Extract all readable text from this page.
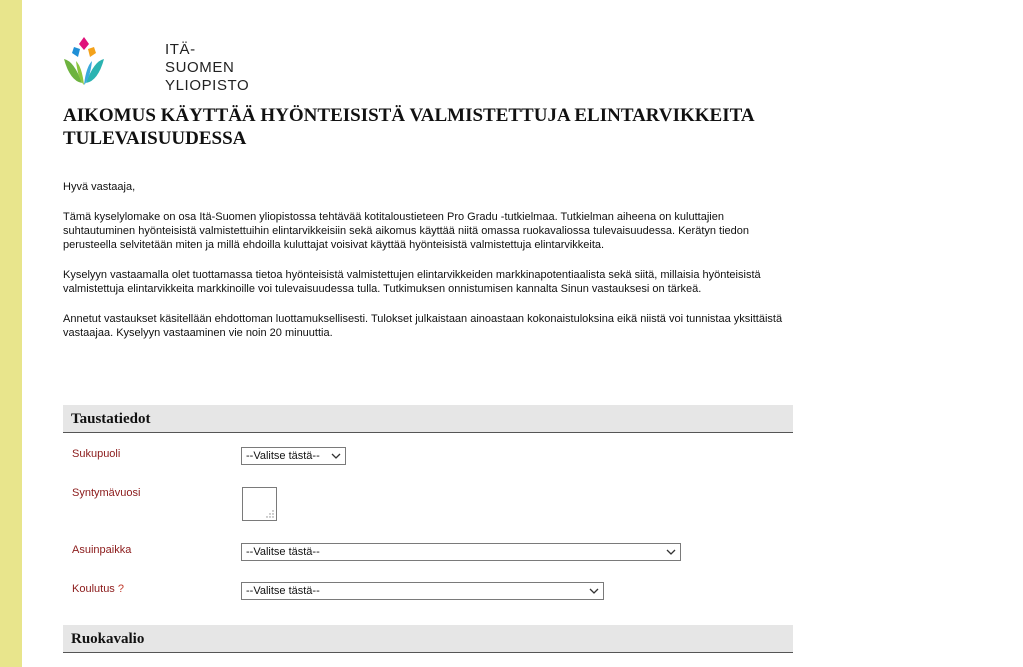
ITÄ-SUOMEN
YLIOPISTO
AIKOMUS KÄYTTÄÄ HYÖNTEISISTÄ VALMISTETTUJA ELINTARVIKKEITA TULEVAISUUDESSA

Hyvä vastaaja,

Tämä kyselylomake on osa Itä-Suomen yliopistossa tehtävää kotitaloustieteen Pro Gradu -tutkielmaa. Tutkielman aiheena on kuluttajien suhtautuminen hyönteisistä valmistettuihin elintarvikkeisiin sekä aikomus käyttää niitä omassa ruokavaliossa tulevaisuudessa. Kerätyn tiedon perusteella selvitetään miten ja millä ehdoilla kuluttajat voisivat käyttää hyönteisistä valmistettuja elintarvikkeita.

Kyselyyn vastaamalla olet tuottamassa tietoa hyönteisistä valmistettujen elintarvikkeiden markkinapotentiaalista sekä siitä, millaisia hyönteisistä valmistettuja elintarvikkeita markkinoille voi tulevaisuudessa tulla. Tutkimuksen onnistumisen kannalta Sinun vastauksesi on tärkeä.

Annetut vastaukset käsitellään ehdottoman luottamuksellisesti. Tulokset julkaistaan ainoastaan kokonaistuloksina eikä niistä voi tunnistaa yksittäistä vastaajaa. Kyselyyn vastaaminen vie noin 20 minuuttia.

Taustatiedot
Sukupuoli	--Valitse tästä--
Syntymävuosi
Asuinpaikka	--Valitse tästä--
Koulutus ?	--Valitse tästä--
Ruokavalio
